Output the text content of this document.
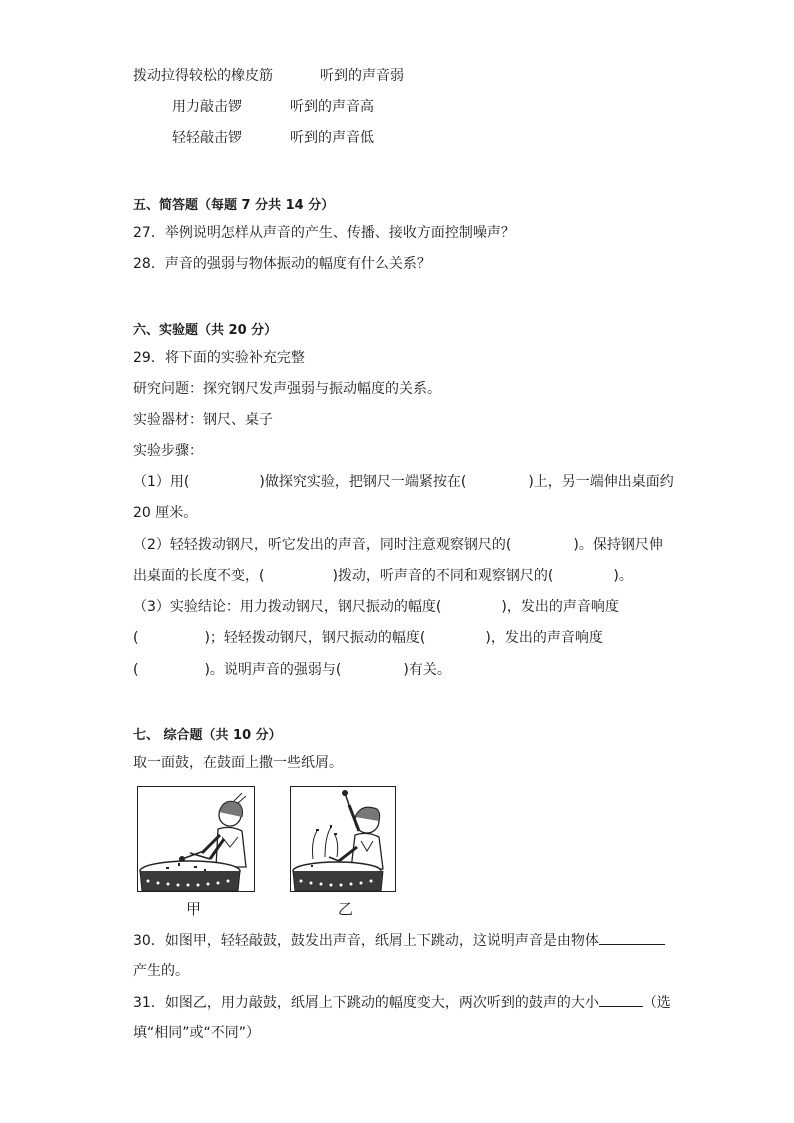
拨动拉得较松的橡皮筋	听到的声音弱
用力敲击锣	听到的声音高
轻轻敲击锣	听到的声音低
五、简答题（每题 7 分共 14 分）
27．举例说明怎样从声音的产生、传播、接收方面控制噪声？
28．声音的强弱与物体振动的幅度有什么关系？
六、实验题（共 20 分）
29．将下面的实验补充完整
研究问题：探究钢尺发声强弱与振动幅度的关系。
实验器材：钢尺、桌子
实验步骤：
（1）用(	)做探究实验，把钢尺一端紧按在(	)上，另一端伸出桌面约
20 厘米。
（2）轻轻拨动钢尺，听它发出的声音，同时注意观察钢尺的(	)。保持钢尺伸
出桌面的长度不变，(	)拨动，听声音的不同和观察钢尺的(	)。
（3）实验结论：用力拨动钢尺，钢尺振动的幅度(	)，发出的声音响度
(	)；轻轻拨动钢尺，钢尺振动的幅度(	)，发出的声音响度
(	)。说明声音的强弱与(	)有关。
七、 综合题（共 10 分）
取一面鼓，在鼓面上撒一些纸屑。
甲	乙
30．如图甲，轻轻敲鼓，鼓发出声音，纸屑上下跳动，这说明声音是由物体
产生的。
31．如图乙，用力敲鼓，纸屑上下跳动的幅度变大，两次听到的鼓声的大小	（选
填“相同”或“不同”）
